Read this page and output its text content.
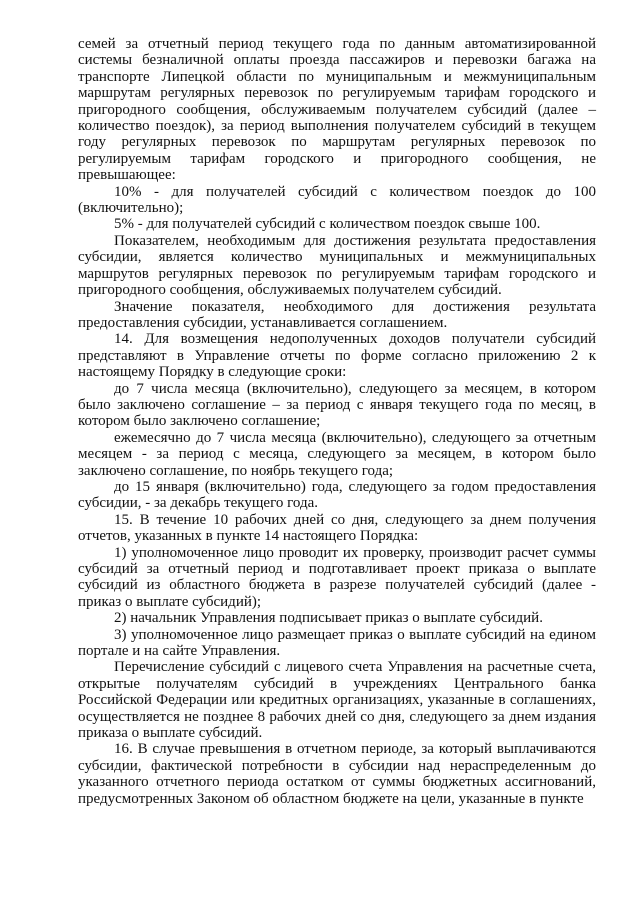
семей за отчетный период текущего года по данным автоматизированной системы безналичной оплаты проезда пассажиров и перевозки багажа на транспорте Липецкой области по муниципальным и межмуниципальным маршрутам регулярных перевозок по регулируемым тарифам городского и пригородного сообщения, обслуживаемым получателем субсидий (далее – количество поездок), за период выполнения получателем субсидий в текущем году регулярных перевозок по маршрутам регулярных перевозок по регулируемым тарифам городского и пригородного сообщения, не превышающее:

10% - для получателей субсидий с количеством поездок до 100 (включительно);

5% - для получателей субсидий с количеством поездок свыше 100.

Показателем, необходимым для достижения результата предоставления субсидии, является количество муниципальных и межмуниципальных маршрутов регулярных перевозок по регулируемым тарифам городского и пригородного сообщения, обслуживаемых получателем субсидий.

Значение показателя, необходимого для достижения результата предоставления субсидии, устанавливается соглашением.

14. Для возмещения недополученных доходов получатели субсидий представляют в Управление отчеты по форме согласно приложению 2 к настоящему Порядку в следующие сроки:

до 7 числа месяца (включительно), следующего за месяцем, в котором было заключено соглашение – за период с января текущего года по месяц, в котором было заключено соглашение;

ежемесячно до 7 числа месяца (включительно), следующего за отчетным месяцем - за период с месяца, следующего за месяцем, в котором было заключено соглашение, по ноябрь текущего года;

до 15 января (включительно) года, следующего за годом предоставления субсидии, - за декабрь текущего года.

15. В течение 10 рабочих дней со дня, следующего за днем получения отчетов, указанных в пункте 14 настоящего Порядка:

1) уполномоченное лицо проводит их проверку, производит расчет суммы субсидий за отчетный период и подготавливает проект приказа о выплате субсидий из областного бюджета в разрезе получателей субсидий (далее - приказ о выплате субсидий);

2) начальник Управления подписывает приказ о выплате субсидий.

3) уполномоченное лицо размещает приказ о выплате субсидий на едином портале и на сайте Управления.

Перечисление субсидий с лицевого счета Управления на расчетные счета, открытые получателям субсидий в учреждениях Центрального банка Российской Федерации или кредитных организациях, указанные в соглашениях, осуществляется не позднее 8 рабочих дней со дня, следующего за днем издания приказа о выплате субсидий.

16. В случае превышения в отчетном периоде, за который выплачиваются субсидии, фактической потребности в субсидии над нераспределенным до указанного отчетного периода остатком от суммы бюджетных ассигнований, предусмотренных Законом об областном бюджете на цели, указанные в пункте
